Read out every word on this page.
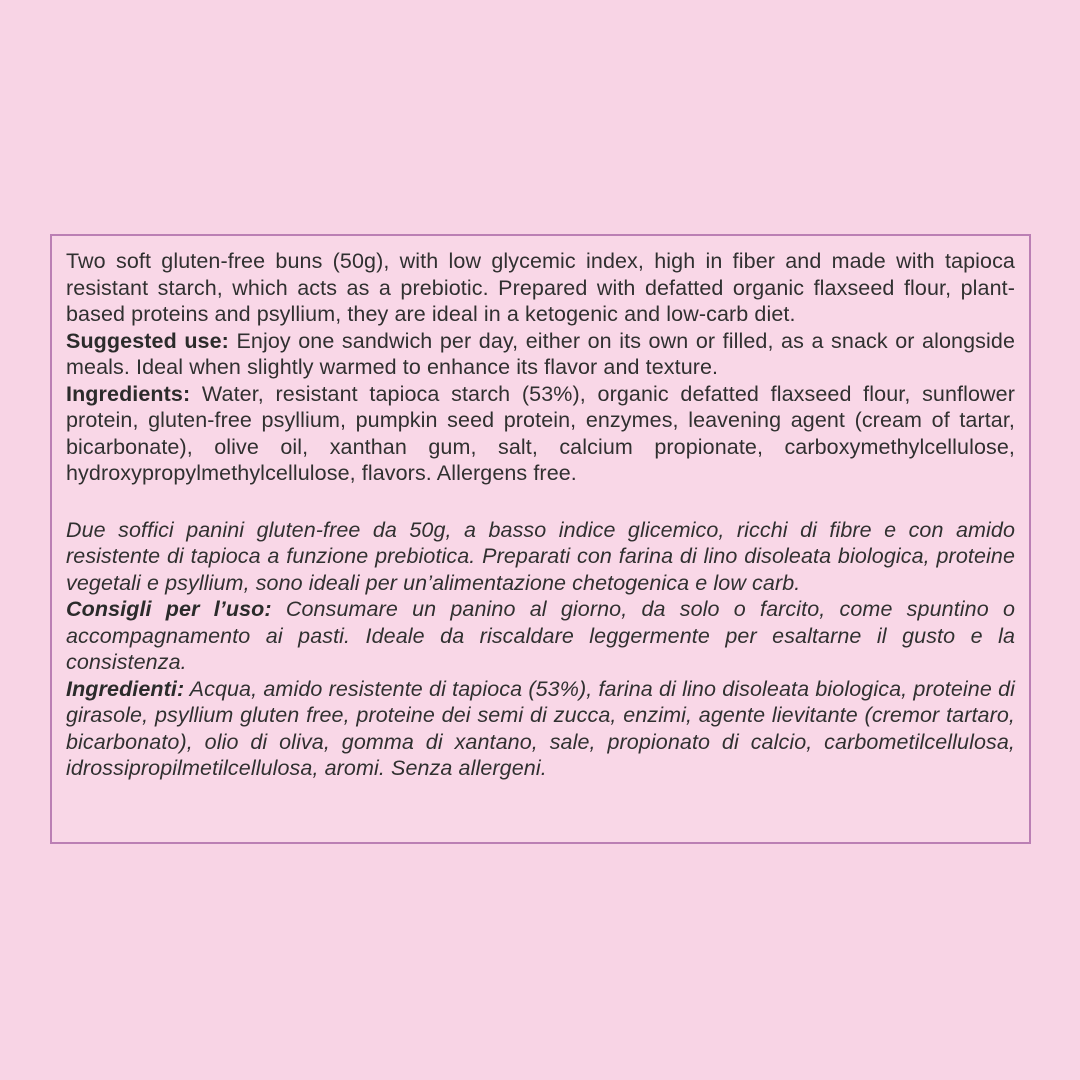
Two soft gluten-free buns (50g), with low glycemic index, high in fiber and made with tapioca resistant starch, which acts as a prebiotic. Prepared with defatted organic flaxseed flour, plant-based proteins and psyllium, they are ideal in a ketogenic and low-carb diet.

Suggested use: Enjoy one sandwich per day, either on its own or filled, as a snack or alongside meals. Ideal when slightly warmed to enhance its flavor and texture.

Ingredients: Water, resistant tapioca starch (53%), organic defatted flaxseed flour, sunflower protein, gluten-free psyllium, pumpkin seed protein, enzymes, leavening agent (cream of tartar, bicarbonate), olive oil, xanthan gum, salt, calcium propionate, carboxymethylcellulose, hydroxypropylmethylcellulose, flavors. Allergens free.

Due soffici panini gluten-free da 50g, a basso indice glicemico, ricchi di fibre e con amido resistente di tapioca a funzione prebiotica. Preparati con farina di lino disoleata biologica, proteine vegetali e psyllium, sono ideali per un’alimentazione chetogenica e low carb.

Consigli per l’uso: Consumare un panino al giorno, da solo o farcito, come spuntino o accompagnamento ai pasti. Ideale da riscaldare leggermente per esaltarne il gusto e la consistenza.

Ingredienti: Acqua, amido resistente di tapioca (53%), farina di lino disoleata biologica, proteine di girasole, psyllium gluten free, proteine dei semi di zucca, enzimi, agente lievitante (cremor tartaro, bicarbonato), olio di oliva, gomma di xantano, sale, propionato di calcio, carbometilcellulosa, idrossipropilmetilcellulosa, aromi. Senza allergeni.
